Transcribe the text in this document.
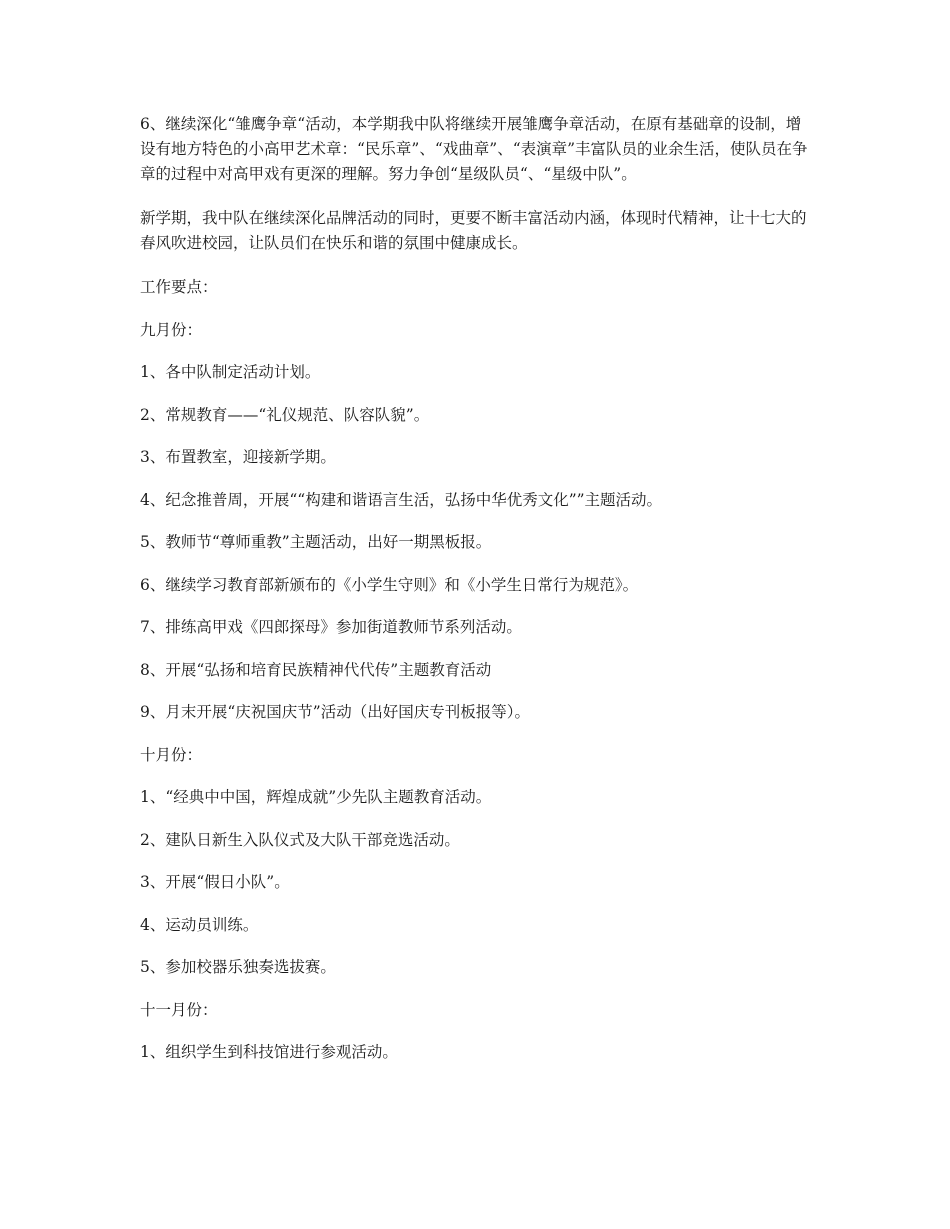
6、继续深化“雏鹰争章“活动，本学期我中队将继续开展雏鹰争章活动，在原有基础章的设制，增设有地方特色的小高甲艺术章：“民乐章”、“戏曲章”、“表演章”丰富队员的业余生活，使队员在争章的过程中对高甲戏有更深的理解。努力争创“星级队员“、“星级中队”。

新学期，我中队在继续深化品牌活动的同时，更要不断丰富活动内涵，体现时代精神，让十七大的春风吹进校园，让队员们在快乐和谐的氛围中健康成长。

工作要点：

九月份：

1、各中队制定活动计划。

2、常规教育——“礼仪规范、队容队貌”。

3、布置教室，迎接新学期。

4、纪念推普周，开展““构建和谐语言生活，弘扬中华优秀文化””主题活动。

5、教师节“尊师重教”主题活动，出好一期黑板报。

6、继续学习教育部新颁布的《小学生守则》和《小学生日常行为规范》。

7、排练高甲戏《四郎探母》参加街道教师节系列活动。

8、开展“弘扬和培育民族精神代代传”主题教育活动

9、月末开展“庆祝国庆节”活动（出好国庆专刊板报等）。

十月份：

1、“经典中中国，辉煌成就”少先队主题教育活动。

2、建队日新生入队仪式及大队干部竞选活动。

3、开展“假日小队”。

4、运动员训练。

5、参加校器乐独奏选拔赛。

十一月份：

1、组织学生到科技馆进行参观活动。
